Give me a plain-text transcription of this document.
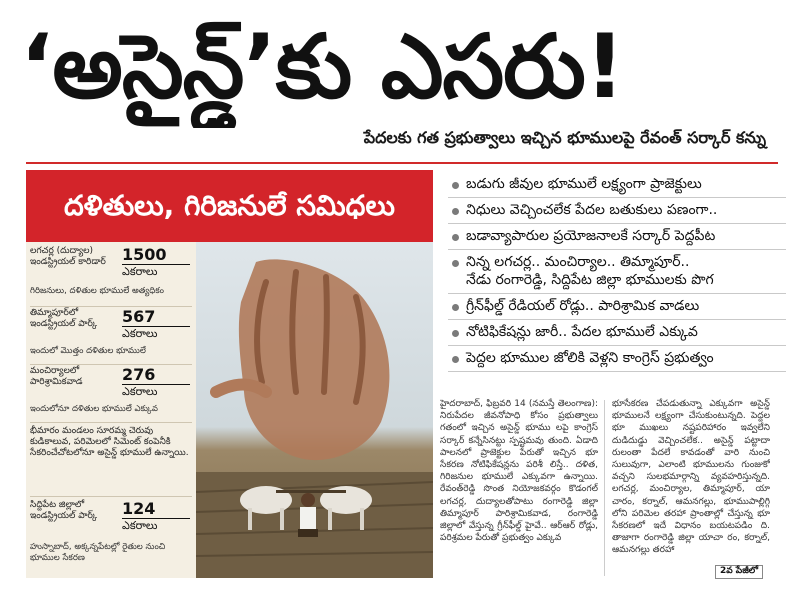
‘అసైన్డ్’కు ఎసరు!
పేదలకు గత ప్రభుత్వాలు ఇచ్చిన భూములపై రేవంత్ సర్కార్ కన్ను
దళితులు, గిరిజనులే సమిధలు
లగచర్ల (దుద్యాల) ఇండస్ట్రియల్ కారిడార్	1500
ఎకరాలు
గిరిజనులు, దళితుల భూములే అత్యధికం
తిమ్మాపూర్‌లో ఇండస్ట్రియల్ పార్క్	567
ఎకరాలు
ఇందులో మొత్తం దళితుల భూములే
మంచిర్యాలలో పారిశ్రామికవాడ	276
ఎకరాలు
ఇందులోనూ దళితుల భూములే ఎక్కువ
భీమారం మండలం సూరమ్మ చెరువు కుడికాలువ, పరిమెలలో సిమెంట్ కంపెనీకి సేకరించేచోటలోనూ అసైన్డ్ భూములే ఉన్నాయి.
సిద్దిపేట జిల్లాలో ఇండస్ట్రియల్ పార్క్	124
ఎకరాలు
హుస్నాబాద్, అక్కన్నపేటల్లో రైతుల నుంచి భూముల సేకరణ
బడుగు జీవుల భూములే లక్ష్యంగా ప్రాజెక్టులు
నిధులు వెచ్చించలేక పేదల బతుకులు పణంగా..
బడావ్యాపారుల ప్రయోజనాలకే సర్కార్ పెద్దపీట
నిన్న లగచర్ల.. మంచిర్యాల.. తిమ్మాపూర్..
నేడు రంగారెడ్డి, సిద్దిపేట జిల్లా భూములకు పొగ
గ్రీన్‌ఫీల్డ్ రేడియల్ రోడ్లు.. పారిశ్రామిక వాడలు
నోటిఫికేషన్లు జారీ.. పేదల భూములే ఎక్కువ
పెద్దల భూముల జోలికి వెళ్లని కాంగ్రెస్ ప్రభుత్వం
హైదరాబాద్, ఫిబ్రవరి 14 (నమస్తే తెలంగాణ): నిరుపేదల జీవనోపాధి కోసం ప్రభుత్వాలు గతంలో ఇచ్చిన అసైన్డ్ భూము లపై కాంగ్రెస్ సర్కార్ కన్నేసినట్టు స్పష్టమవు తుంది. ఏడాది పాలనలో ప్రాజెక్టుల పేరుతో ఇచ్చిన భూ సేకరణ నోటిఫికేషన్లను పరిశీ లిస్తే.. దళిత, గిరిజనుల భూములే ఎక్కువగా ఉన్నాయి. రేవంత్‌రెడ్డి సొంత నియోజకవర్గం కొడంగల్ లగచర్ల, దుద్యాలతోపాటు రంగారెడ్డి జిల్లా తిమ్మాపూర్ పారిశ్రామికవాడ, రంగారెడ్డి జిల్లాలో వేస్తున్న గ్రీన్‌ఫీల్డ్ హైవే.. ఆర్ఆర్ రోడ్లు, పరిశ్రమల పేరుతో ప్రభుత్వం ఎక్కువ
భూసేకరణ చేపడుతున్నా ఎక్కువగా అసైన్డ్ భూములనే లక్ష్యంగా చేసుకుంటున్నది. పెద్దల భూ ముఖలు నష్టపరిహారం ఇవ్వలేని దుడిదుడ్డు వెచ్చించలేక.. అసైన్డ్ పట్టాదా రులంతా పేదలే కావడంతో వారి నుంచి సులువుగా, ఎలాంటి భూములను గుంజుకో వచ్చని సులభమార్గాన్ని వ్యవహరిస్తున్నది. లగచర్ల, మంచిర్యాల, తిమ్మాపూర్, యా చారం, కర్నాల్, ఆమనగల్లు, భూముపాల్లిగ్గి లోని పరిమెల తరహా ప్రాంతాల్లో చేస్తున్న భూ సేకరణలో ఇదే విధానం బయటపడిం ది. తాజాగా రంగారెడ్డి జిల్లా యాచా రం, కర్నాల్, ఆమనగల్లు తరహా
2వ పేజీలో
